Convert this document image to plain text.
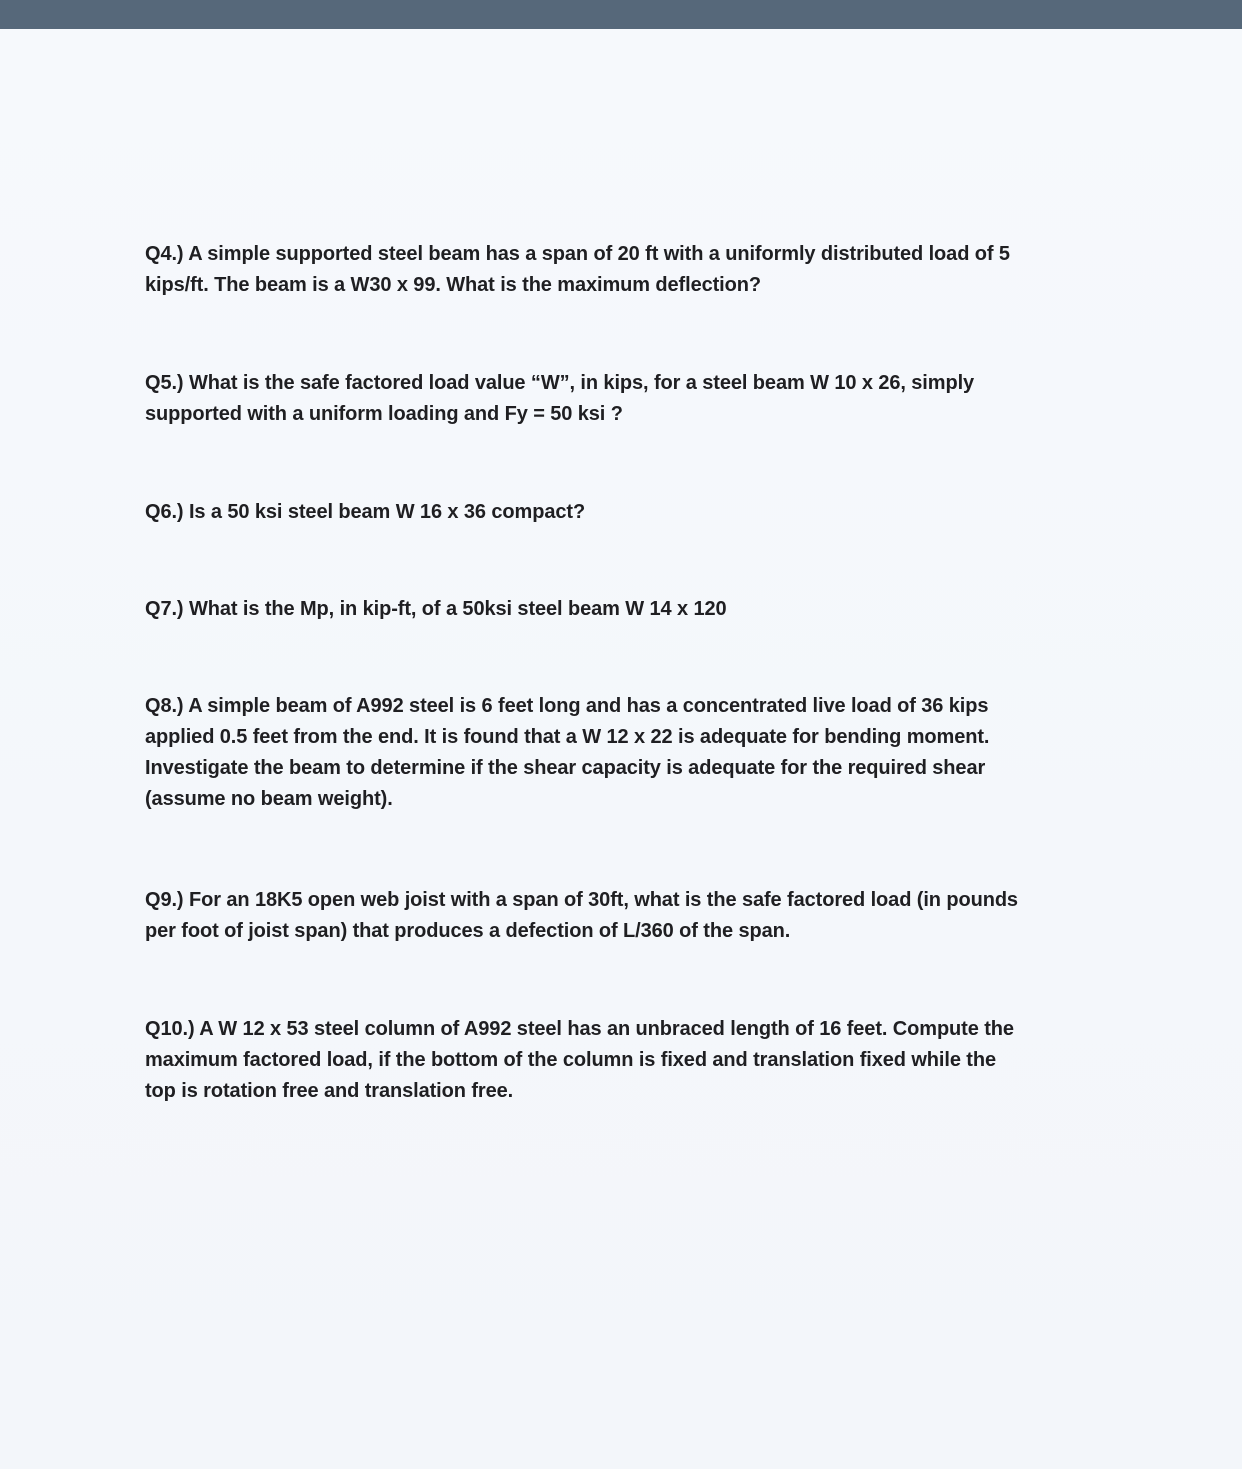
Q4.) A simple supported steel beam has a span of 20 ft with a uniformly distributed load of 5
kips/ft. The beam is a W30 x 99. What is the maximum deflection?

Q5.) What is the safe factored load value “W”, in kips, for a steel beam W 10 x 26, simply
supported with a uniform loading and Fy = 50 ksi ?

Q6.) Is a 50 ksi steel beam W 16 x 36 compact?

Q7.) What is the Mp, in kip-ft, of a 50ksi steel beam W 14 x 120

Q8.) A simple beam of A992 steel is 6 feet long and has a concentrated live load of 36 kips
applied 0.5 feet from the end. It is found that a W 12 x 22 is adequate for bending moment.
Investigate the beam to determine if the shear capacity is adequate for the required shear
(assume no beam weight).

Q9.) For an 18K5 open web joist with a span of 30ft, what is the safe factored load (in pounds
per foot of joist span) that produces a defection of L/360 of the span.

Q10.) A W 12 x 53 steel column of A992 steel has an unbraced length of 16 feet. Compute the
maximum factored load, if the bottom of the column is fixed and translation fixed while the
top is rotation free and translation free.
